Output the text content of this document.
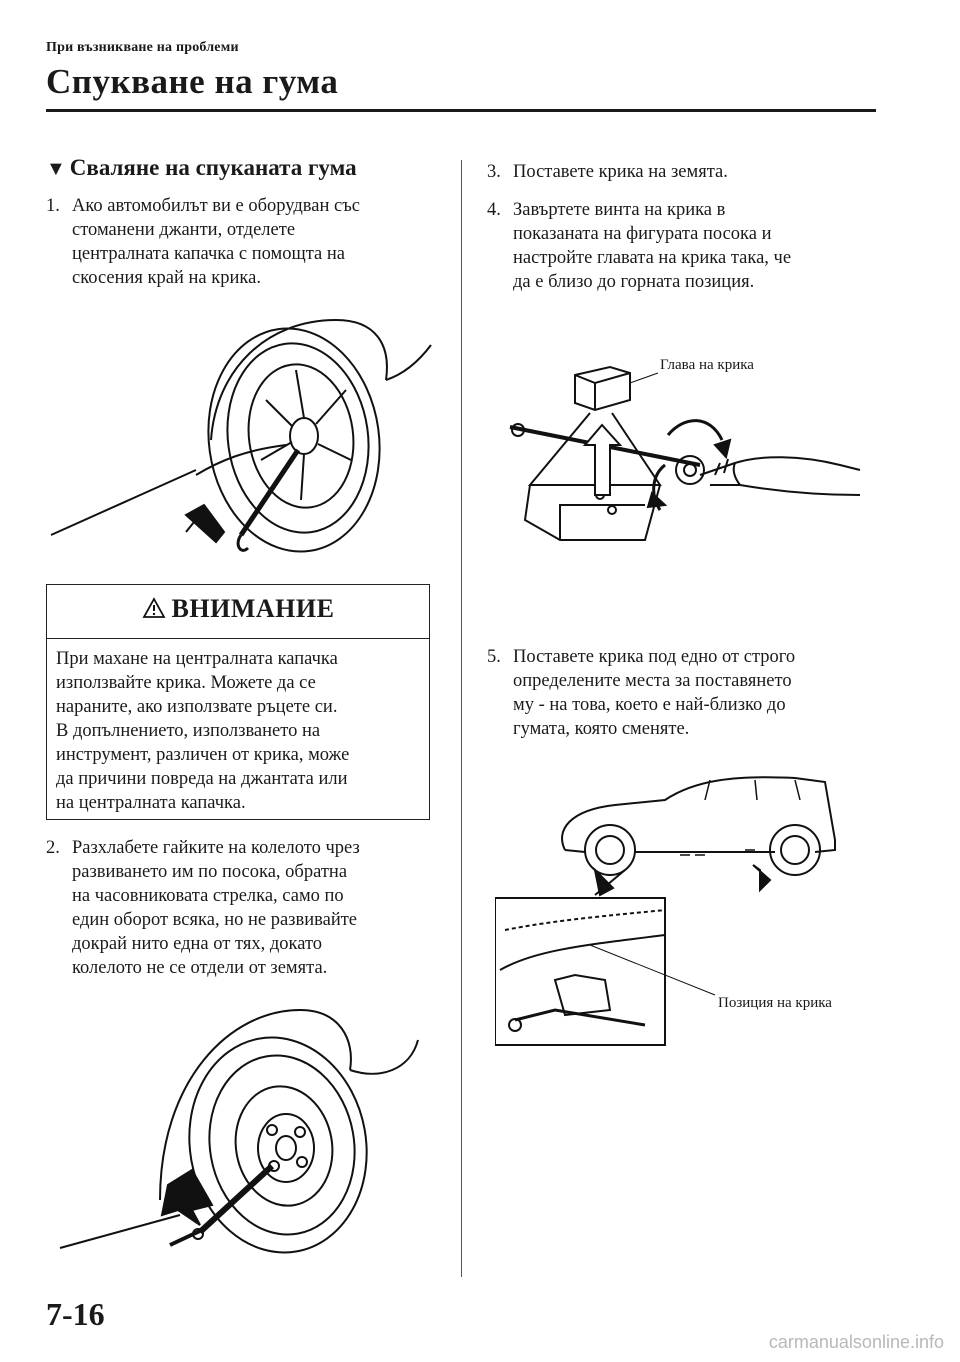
При възникване на проблеми
Спукване на гума
▼ Сваляне на спуканата гума
1. Ако автомобилът ви е оборудван със
стоманени джанти, отделете
централната капачка с помощта на
скосения край на крика.
ВНИМАНИЕ
При махане на централната капачка
използвайте крика. Можете да се
нараните, ако използвате ръцете си.
В допълнението, използването на
инструмент, различен от крика, може
да причини повреда на джантата или
на централната капачка.
2. Разхлабете гайките на колелото чрез
развиването им по посока, обратна
на часовниковата стрелка, само по
един оборот всяка, но не развивайте
докрай нито една от тях, докато
колелото не се отдели от земята.
3. Поставете крика на земята.
4. Завъртете винта на крика в
показаната на фигурата посока и
настройте главата на крика така, че
да е близо до горната позиция.
Глава на крика
5. Поставете крика под едно от строго
определените места за поставянето
му - на това, което е най-близко до
гумата, която сменяте.
Позиция на крика
7-16
carmanualsonline.info
